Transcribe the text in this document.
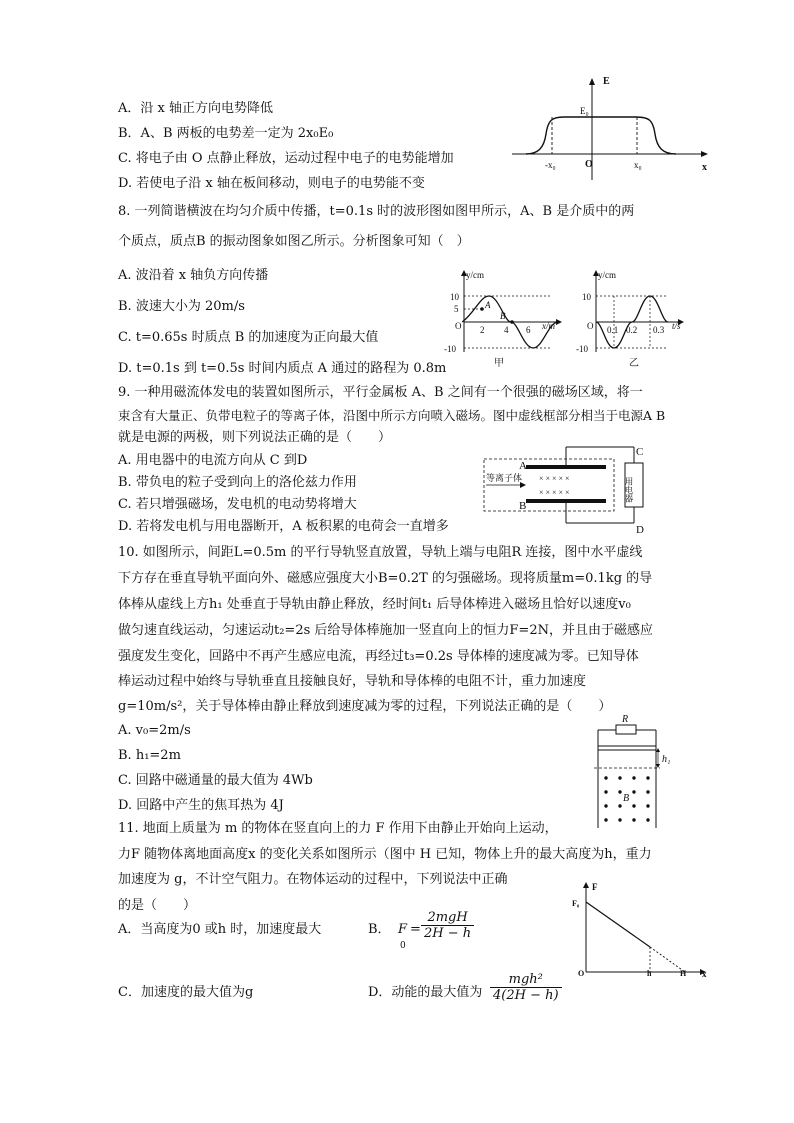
A．沿 x 轴正方向电势降低
B．A、B 两板的电势差一定为 2x₀E₀
C. 将电子由 O 点静止释放，运动过程中电子的电势能增加
D. 若使电子沿 x 轴在板间移动，则电子的电势能不变
E
x
E₀
O
-x₀	x₀
8. 一列简谐横波在均匀介质中传播，t=0.1s 时的波形图如图甲所示，A、B 是介质中的两
个质点，质点B 的振动图象如图乙所示。分析图象可知（　）
A. 波沿着 x 轴负方向传播
B. 波速大小为 20m/s
C. t=0.65s 时质点 B 的加速度为正向最大值
D. t=0.1s 到 t=0.5s 时间内质点 A 通过的路程为 0.8m
y/cm
x/m
10
5
-10
O 2 4 6
A
B
甲
y/cm
t/s
10
-10
O 0.1 0.2 0.3
乙
9. 一种用磁流体发电的装置如图所示，平行金属板 A、B 之间有一个很强的磁场区域，将一
束含有大量正、负带电粒子的等离子体，沿图中所示方向喷入磁场。图中虚线框部分相当于电源A B
就是电源的两极，则下列说法正确的是（　　）
A. 用电器中的电流方向从 C 到D
B. 带负电的粒子受到向上的洛伦兹力作用
C. 若只增强磁场，发电机的电动势将增大
D. 若将发电机与用电器断开，A 板积累的电荷会一直增多
× × × × ×
× × × × ×
A
B
C
D
等离子体	用电器
10. 如图所示，间距L=0.5m 的平行导轨竖直放置，导轨上端与电阻R 连接，图中水平虚线
下方存在垂直导轨平面向外、磁感应强度大小B=0.2T 的匀强磁场。现将质量m=0.1kg 的导
体棒从虚线上方h₁ 处垂直于导轨由静止释放，经时间t₁ 后导体棒进入磁场且恰好以速度v₀
做匀速直线运动，匀速运动t₂=2s 后给导体棒施加一竖直向上的恒力F=2N，并且由于磁感应
强度发生变化，回路中不再产生感应电流，再经过t₃=0.2s 导体棒的速度减为零。已知导体
棒运动过程中始终与导轨垂直且接触良好，导轨和导体棒的电阻不计，重力加速度
g=10m/s²，关于导体棒由静止释放到速度减为零的过程，下列说法正确的是（　　）
A. v₀=2m/s
B. h₁=2m
C. 回路中磁通量的最大值为 4Wb
D. 回路中产生的焦耳热为 4J
R
h₁
B
11. 地面上质量为 m 的物体在竖直向上的力 F 作用下由静止开始向上运动，
力F 随物体离地面高度x 的变化关系如图所示（图中 H 已知，物体上升的最大高度为h，重力
加速度为 g，不计空气阻力。在物体运动的过程中，下列说法中正确
的是（　　）
A．当高度为0 或h 时，加速度最大	B． F
0
=
2mgH
2H − h
C．加速度的最大值为g	D．动能的最大值为
mgh²
4(2H − h)
F
x
F₀
O	h	H
